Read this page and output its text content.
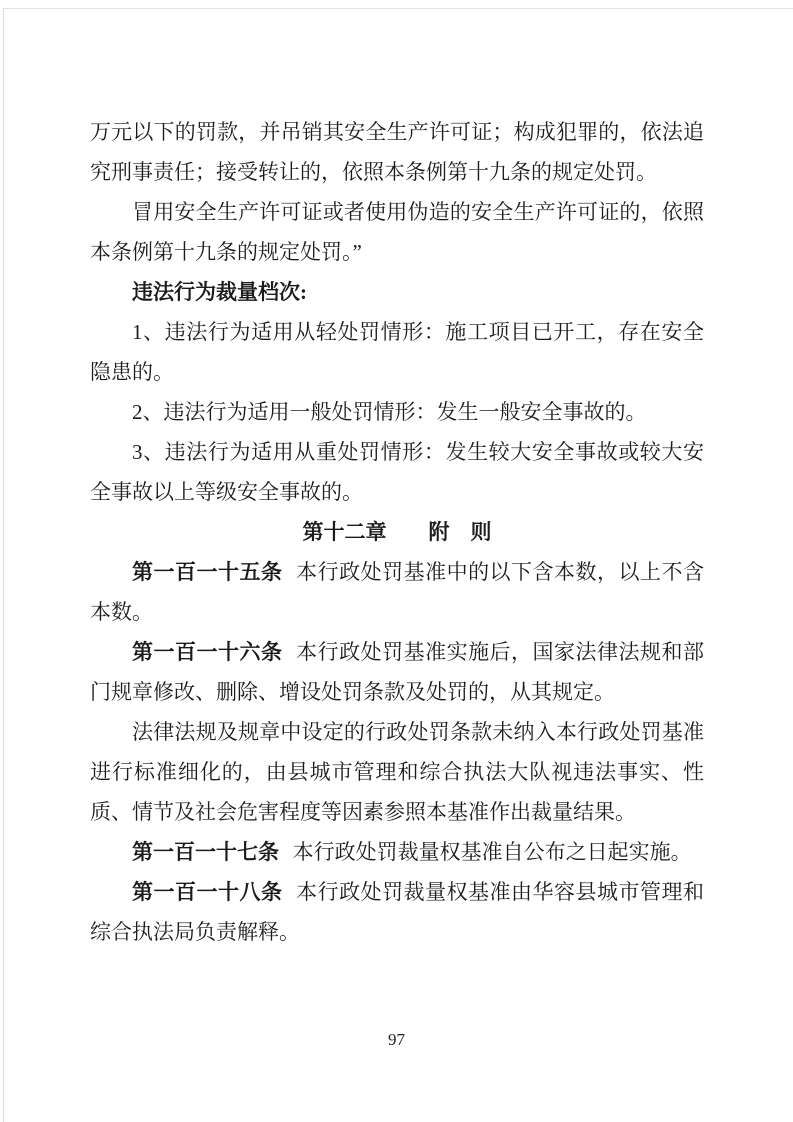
万元以下的罚款，并吊销其安全生产许可证；构成犯罪的，依法追究刑事责任；接受转让的，依照本条例第十九条的规定处罚。

冒用安全生产许可证或者使用伪造的安全生产许可证的，依照本条例第十九条的规定处罚。”

违法行为裁量档次:

1、违法行为适用从轻处罚情形：施工项目已开工，存在安全隐患的。

2、违法行为适用一般处罚情形：发生一般安全事故的。

3、违法行为适用从重处罚情形：发生较大安全事故或较大安全事故以上等级安全事故的。

第十二章　　附　则

第一百一十五条 本行政处罚基准中的以下含本数，以上不含本数。

第一百一十六条 本行政处罚基准实施后，国家法律法规和部门规章修改、删除、增设处罚条款及处罚的，从其规定。

法律法规及规章中设定的行政处罚条款未纳入本行政处罚基准进行标准细化的，由县城市管理和综合执法大队视违法事实、性质、情节及社会危害程度等因素参照本基准作出裁量结果。

第一百一十七条 本行政处罚裁量权基准自公布之日起实施。

第一百一十八条 本行政处罚裁量权基准由华容县城市管理和综合执法局负责解释。

97
